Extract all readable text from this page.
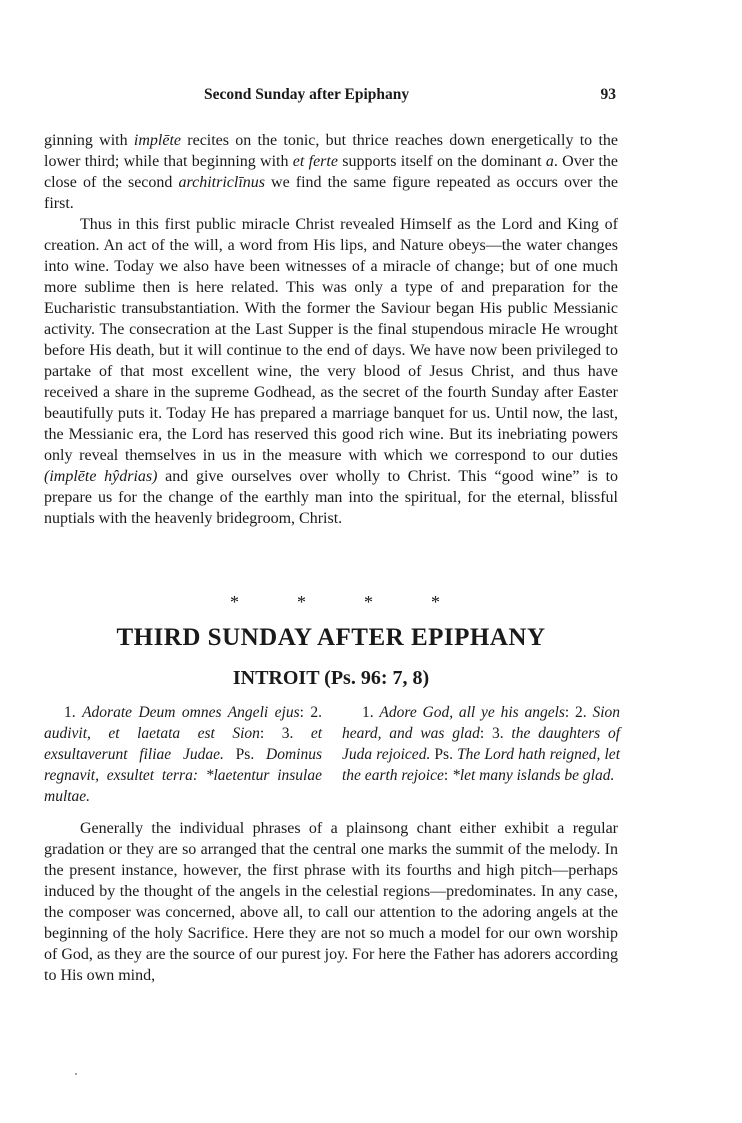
Second Sunday after Epiphany	93

ginning with implēte recites on the tonic, but thrice reaches down energetically to the lower third; while that beginning with et ferte supports itself on the dominant a. Over the close of the second architriclīnus we find the same figure repeated as occurs over the first.

Thus in this first public miracle Christ revealed Himself as the Lord and King of creation. An act of the will, a word from His lips, and Nature obeys—the water changes into wine. Today we also have been witnesses of a miracle of change; but of one much more sublime then is here related. This was only a type of and preparation for the Eucharistic transubstantiation. With the former the Saviour began His public Messianic activity. The consecration at the Last Supper is the final stupendous miracle He wrought before His death, but it will continue to the end of days. We have now been privileged to partake of that most excellent wine, the very blood of Jesus Christ, and thus have received a share in the supreme Godhead, as the secret of the fourth Sunday after Easter beautifully puts it. Today He has prepared a marriage banquet for us. Until now, the last, the Messianic era, the Lord has reserved this good rich wine. But its inebriating powers only reveal themselves in us in the measure with which we correspond to our duties (implēte hŷdrias) and give ourselves over wholly to Christ. This “good wine” is to prepare us for the change of the earthly man into the spiritual, for the eternal, blissful nuptials with the heavenly bridegroom, Christ.

*	*	*	*
THIRD SUNDAY AFTER EPIPHANY
INTROIT (Ps. 96: 7, 8)

1. Adorate Deum omnes Angeli ejus: 2. audivit, et laetata est Sion: 3. et exsultaverunt filiae Judae. Ps. Dominus regnavit, exsultet terra: *laetentur insulae multae.

1. Adore God, all ye his angels: 2. Sion heard, and was glad: 3. the daughters of Juda rejoiced. Ps. The Lord hath reigned, let the earth rejoice: *let many islands be glad.

Generally the individual phrases of a plainsong chant either exhibit a regular gradation or they are so arranged that the central one marks the summit of the melody. In the present instance, however, the first phrase with its fourths and high pitch—perhaps induced by the thought of the angels in the celestial regions—predominates. In any case, the composer was concerned, above all, to call our attention to the adoring angels at the beginning of the holy Sacrifice. Here they are not so much a model for our own worship of God, as they are the source of our purest joy. For here the Father has adorers according to His own mind,
